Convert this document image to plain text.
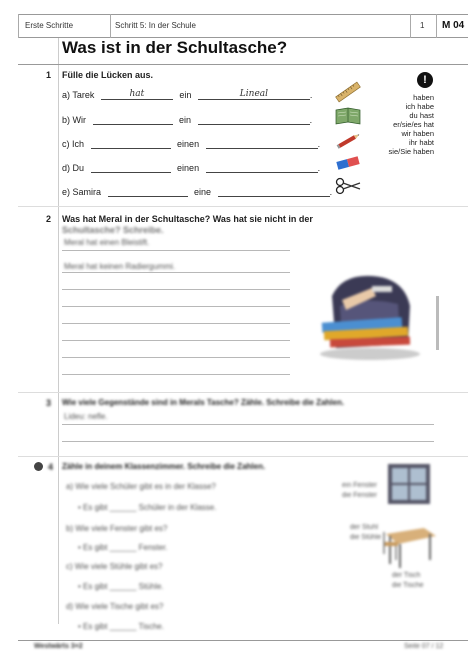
Erste Schritte	Schritt 5: In der Schule	1 M 04
Was ist in der Schultasche?
1 Fülle die Lücken aus.
a) Tarek	hat	ein	Lineal	.
b) Wir	ein	.
c) Ich	einen	.
d) Du	einen	.
e) Samira	eine	.
!
haben
ich habe
du hast
er/sie/es hat
wir haben
ihr habt
sie/Sie haben
2 Was hat Meral in der Schultasche? Was hat sie nicht in der
Schultasche? Schreibe.
Meral hat einen Bleistift.
Meral hat keinen Radiergummi.
3 Wie viele Gegenstände sind in Merals Tasche? Zähle. Schreibe die Zahlen.
Lideu: nefle.
4 Zähle in deinem Klassenzimmer. Schreibe die Zahlen.
a) Wie viele Schüler gibt es in der Klasse?
• Es gibt ______ Schüler in der Klasse.
b) Wie viele Fenster gibt es?
• Es gibt ______ Fenster.
c) Wie viele Stühle gibt es?
• Es gibt ______ Stühle.
d) Wie viele Tische gibt es?
• Es gibt ______ Tische.
ein Fenster
die Fenster
der Stuhl
die Stühle
der Tisch
die Tische
Westwärts 3+2	Seite 07 / 12
